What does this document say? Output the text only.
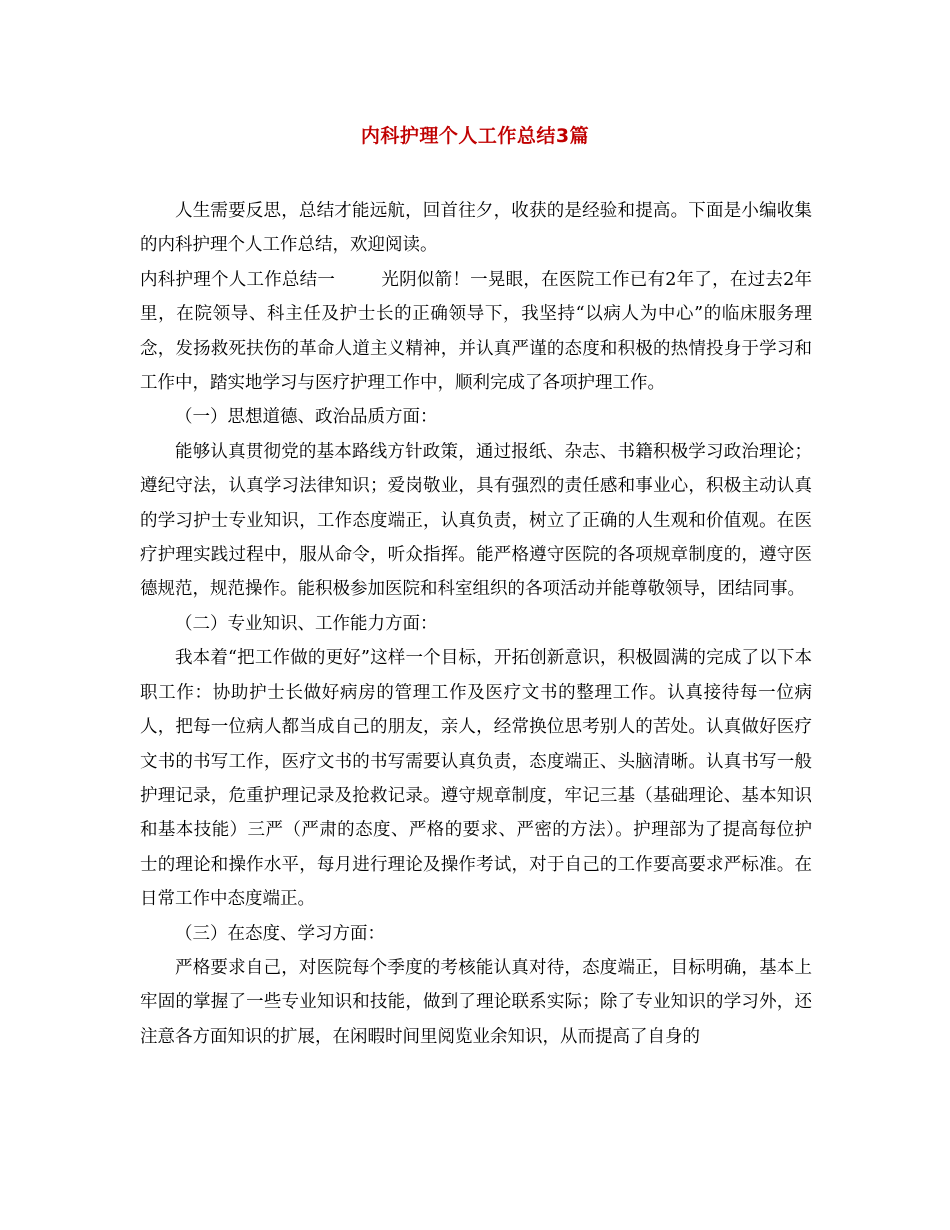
内科护理个人工作总结3篇

人生需要反思，总结才能远航，回首往夕，收获的是经验和提高。下面是小编收集的内科护理个人工作总结，欢迎阅读。

内科护理个人工作总结一	光阴似箭！一晃眼，在医院工作已有2年了，在过去2年里，在院领导、科主任及护士长的正确领导下，我坚持“以病人为中心”的临床服务理念，发扬救死扶伤的革命人道主义精神，并认真严谨的态度和积极的热情投身于学习和工作中，踏实地学习与医疗护理工作中，顺利完成了各项护理工作。

（一）思想道德、政治品质方面：

能够认真贯彻党的基本路线方针政策，通过报纸、杂志、书籍积极学习政治理论；遵纪守法，认真学习法律知识；爱岗敬业，具有强烈的责任感和事业心，积极主动认真的学习护士专业知识，工作态度端正，认真负责，树立了正确的人生观和价值观。在医疗护理实践过程中，服从命令，听众指挥。能严格遵守医院的各项规章制度的，遵守医德规范，规范操作。能积极参加医院和科室组织的各项活动并能尊敬领导，团结同事。

（二）专业知识、工作能力方面：

我本着“把工作做的更好”这样一个目标，开拓创新意识，积极圆满的完成了以下本职工作：协助护士长做好病房的管理工作及医疗文书的整理工作。认真接待每一位病人，把每一位病人都当成自己的朋友，亲人，经常换位思考别人的苦处。认真做好医疗文书的书写工作，医疗文书的书写需要认真负责，态度端正、头脑清晰。认真书写一般护理记录，危重护理记录及抢救记录。遵守规章制度，牢记三基（基础理论、基本知识和基本技能）三严（严肃的态度、严格的要求、严密的方法）。护理部为了提高每位护士的理论和操作水平，每月进行理论及操作考试，对于自己的工作要高要求严标准。在日常工作中态度端正。

（三）在态度、学习方面：

严格要求自己，对医院每个季度的考核能认真对待，态度端正，目标明确，基本上牢固的掌握了一些专业知识和技能，做到了理论联系实际；除了专业知识的学习外，还注意各方面知识的扩展，在闲暇时间里阅览业余知识，从而提高了自身的
